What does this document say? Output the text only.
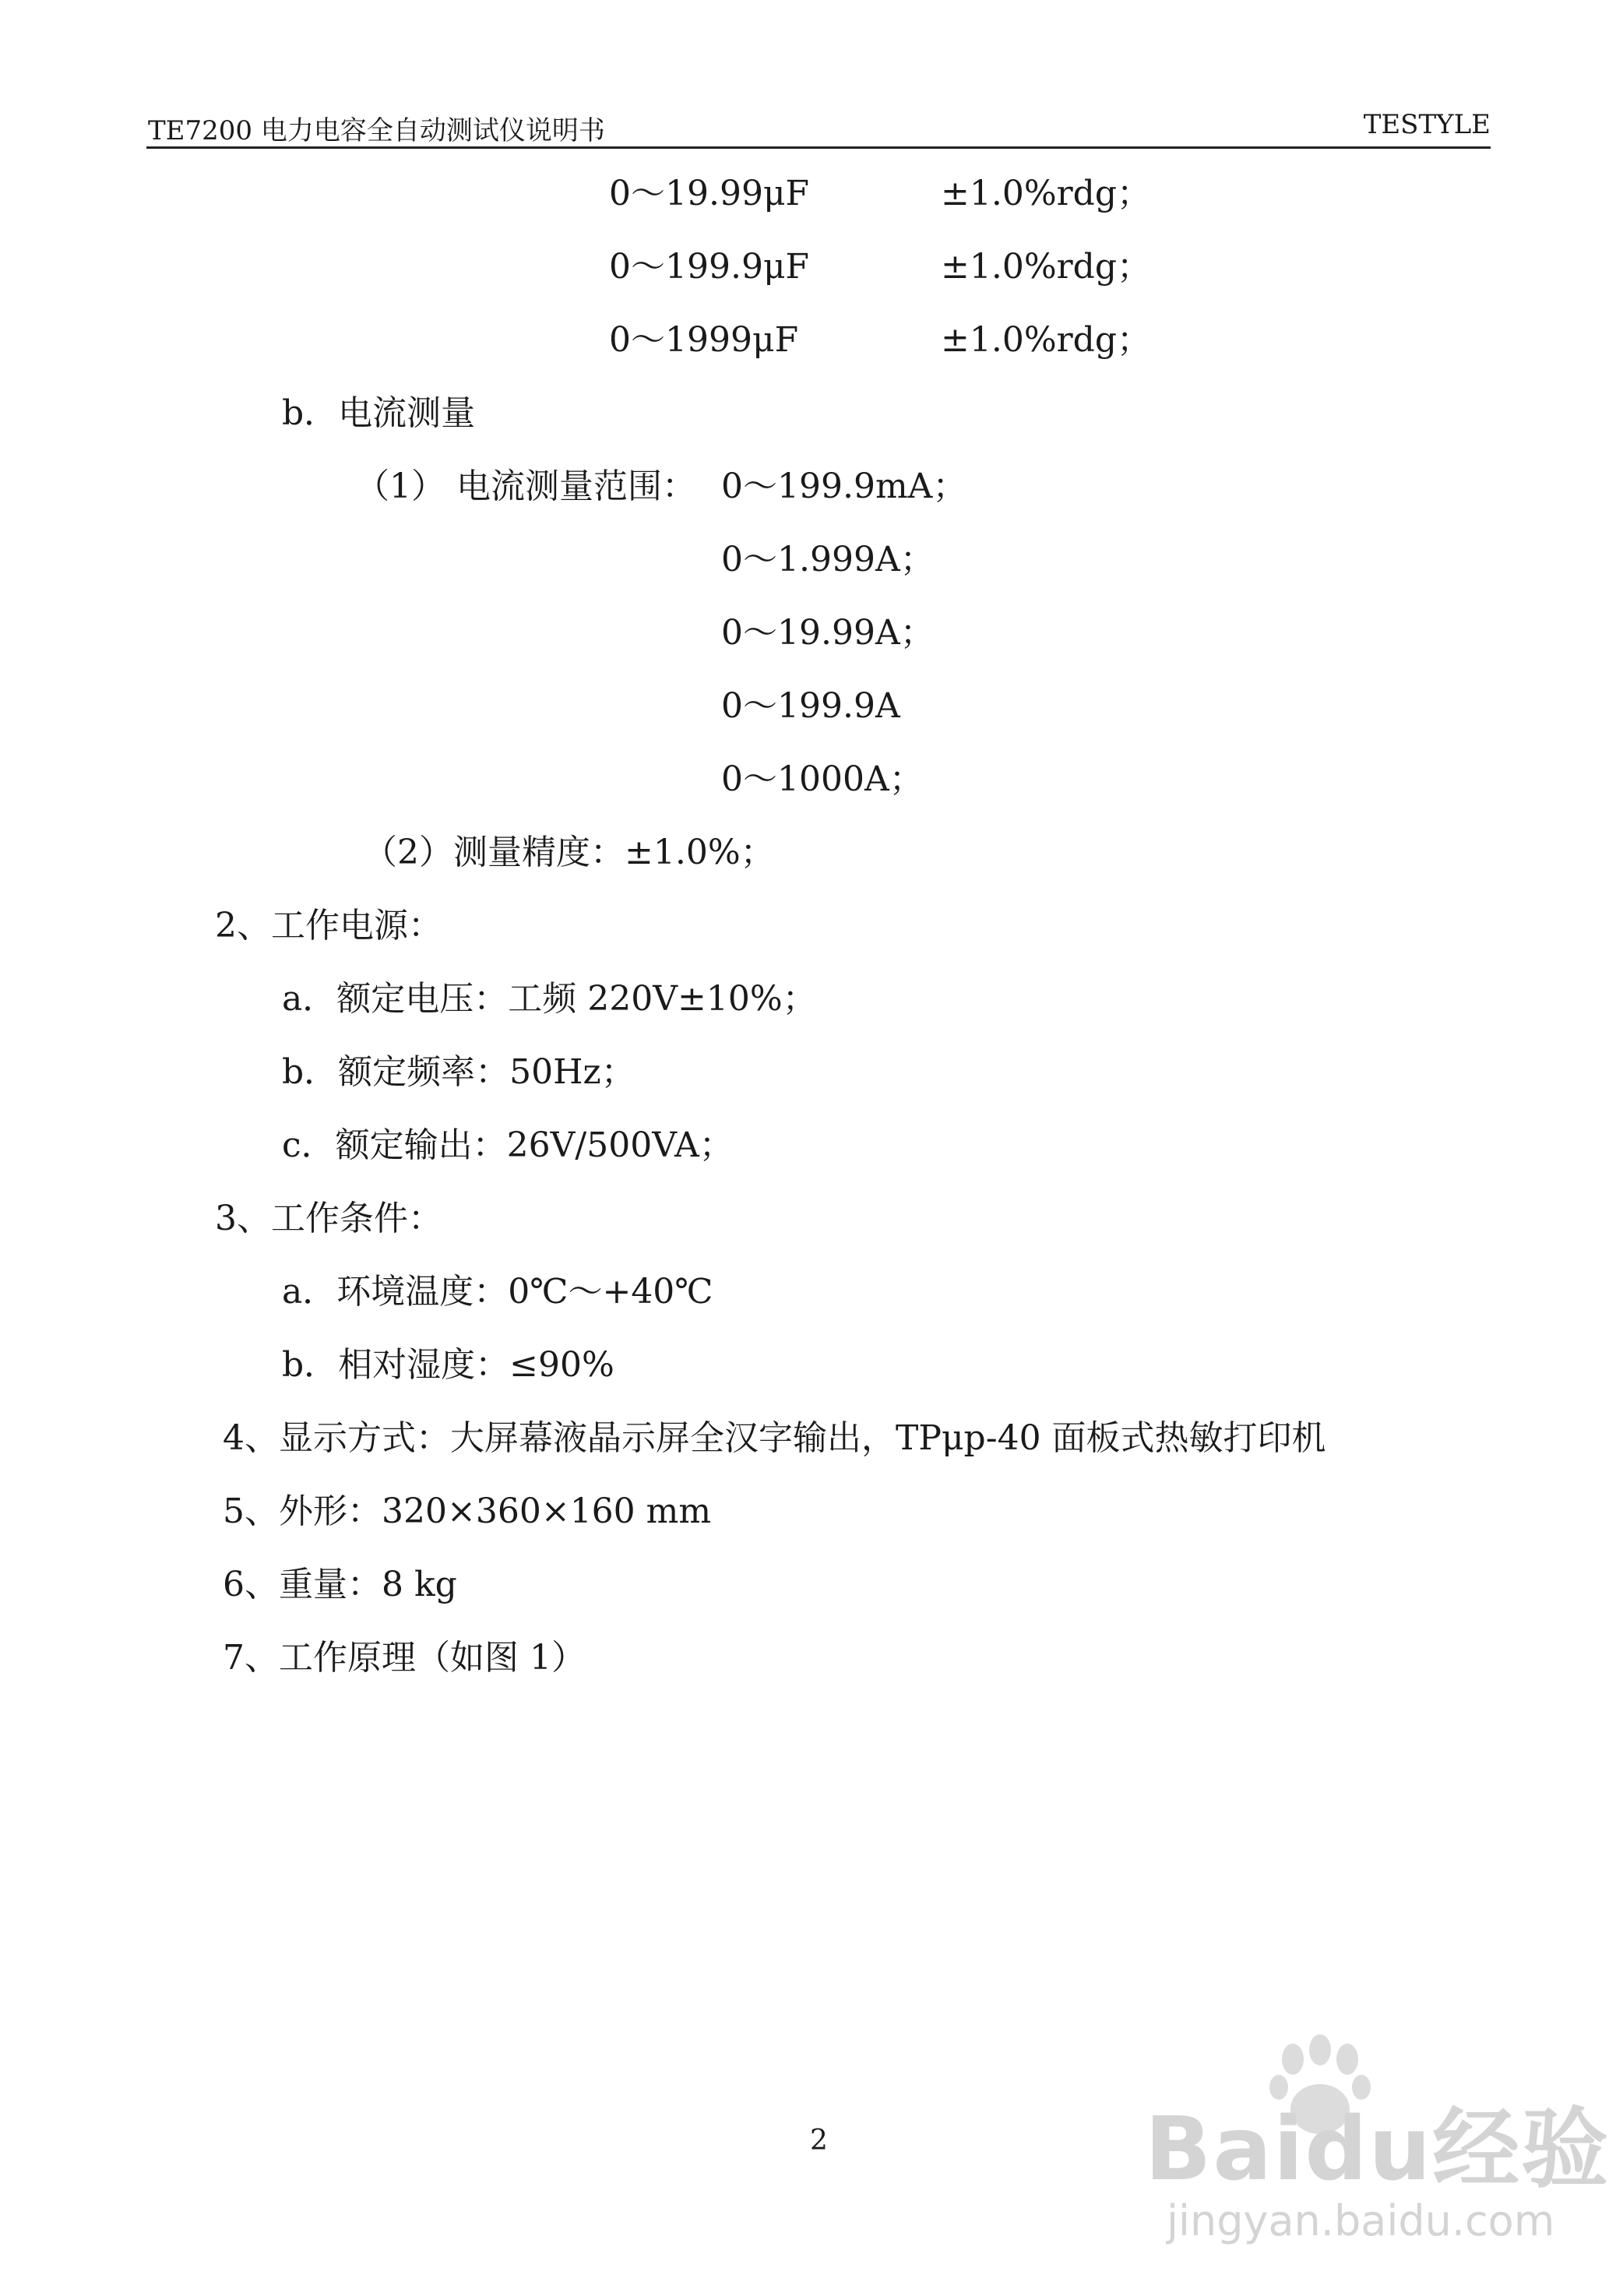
TE7200 电力电容全自动测试仪说明书	TESTYLE
0～19.99μF	±1.0%rdg；
0～199.9μF	±1.0%rdg；
0～1999μF	±1.0%rdg；
b．电流测量
（1） 电流测量范围： 0～199.9mA；
0～1.999A；
0～19.99A；
0～199.9A
0～1000A；
（2）测量精度：±1.0%；
2、工作电源：
a．额定电压：工频 220V±10%；
b．额定频率：50Hz；
c．额定输出：26V/500VA；
3、工作条件：
a．环境温度：0℃～+40℃
b．相对湿度：≤90%
4、显示方式：大屏幕液晶示屏全汉字输出，TPμp-40 面板式热敏打印机
5、外形：320×360×160 mm
6、重量：8 kg
7、工作原理（如图 1）
2	Baidu经验
jingyan.baidu.com
